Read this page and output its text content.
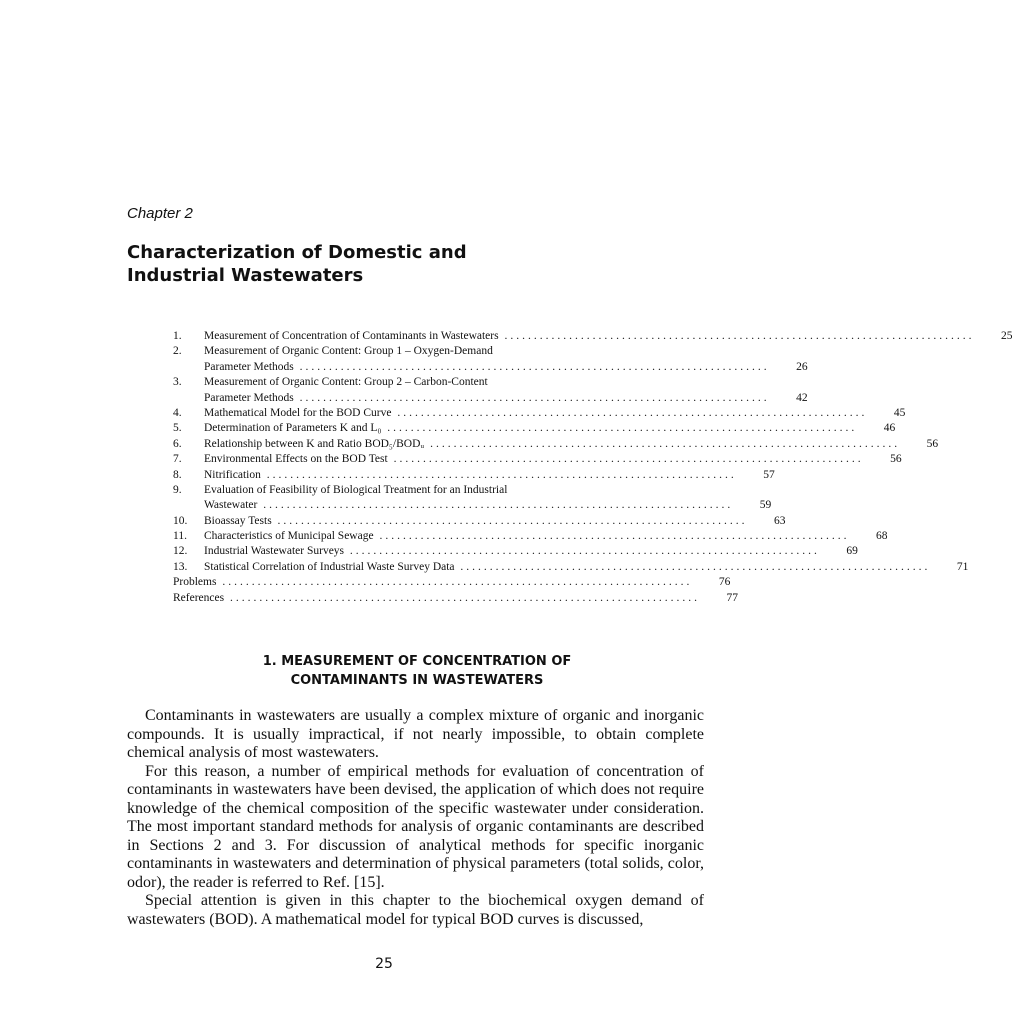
Chapter 2
Characterization of Domestic and
Industrial Wastewaters
1.	Measurement of Concentration of Contaminants in Wastewaters ................................................................................	25
2.	Measurement of Organic Content: Group 1 – Oxygen-Demand
Parameter Methods ................................................................................	26
3.	Measurement of Organic Content: Group 2 – Carbon-Content
Parameter Methods ................................................................................	42
4.	Mathematical Model for the BOD Curve ................................................................................	45
5.	Determination of Parameters K and L₀ ................................................................................	46
6.	Relationship between K and Ratio BOD₅/BODᵤ ................................................................................	56
7.	Environmental Effects on the BOD Test ................................................................................	56
8.	Nitrification ................................................................................	57
9.	Evaluation of Feasibility of Biological Treatment for an Industrial
Wastewater ................................................................................	59
10.	Bioassay Tests ................................................................................	63
11.	Characteristics of Municipal Sewage ................................................................................	68
12.	Industrial Wastewater Surveys ................................................................................	69
13.	Statistical Correlation of Industrial Waste Survey Data ................................................................................	71
Problems ................................................................................	76
References ................................................................................	77
1. MEASUREMENT OF CONCENTRATION OF
CONTAMINANTS IN WASTEWATERS

Contaminants in wastewaters are usually a complex mixture of organic and inorganic compounds. It is usually impractical, if not nearly impossible, to obtain complete chemical analysis of most wastewaters.

For this reason, a number of empirical methods for evaluation of concentration of contaminants in wastewaters have been devised, the application of which does not require knowledge of the chemical composition of the specific wastewater under consideration. The most important standard methods for analysis of organic contaminants are described in Sections 2 and 3. For discussion of analytical methods for specific inorganic contaminants in wastewaters and determination of physical parameters (total solids, color, odor), the reader is referred to Ref. [15].

Special attention is given in this chapter to the biochemical oxygen demand of wastewaters (BOD). A mathematical model for typical BOD curves is discussed,

25
